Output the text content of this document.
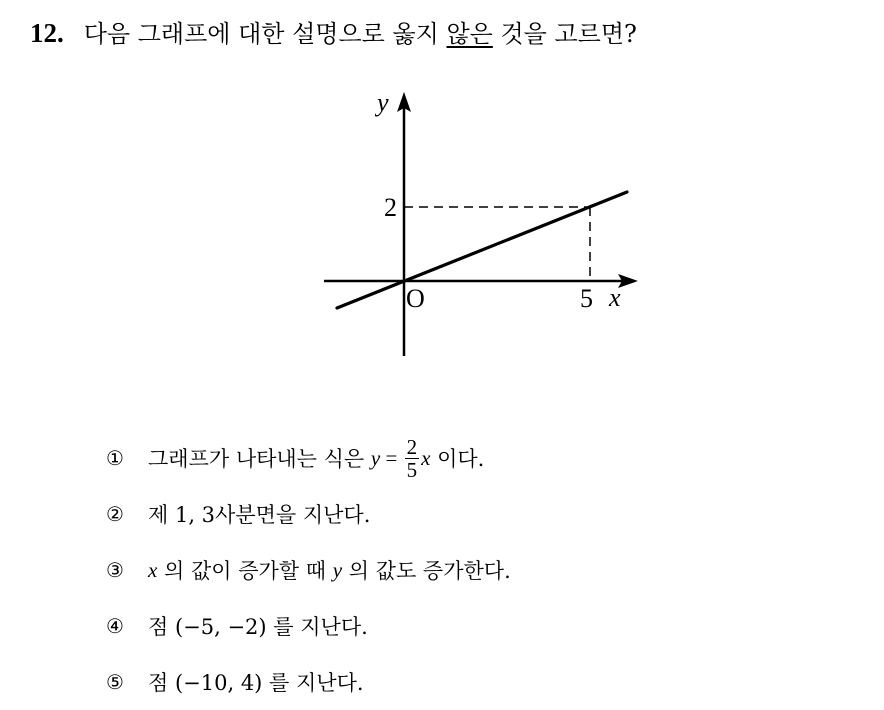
12. 다음 그래프에 대한 설명으로 옳지 않은 것을 고르면?
y
x
O
2
5
①	그래프가 나타내는 식은 $y = \frac{2}{5}$ x 이다.
②	제 1, 3사분면을 지난다.
③	x 의 값이 증가할 때 y 의 값도 증가한다.
④	점 (−5, −2) 를 지난다.
⑤	점 (−10, 4) 를 지난다.
